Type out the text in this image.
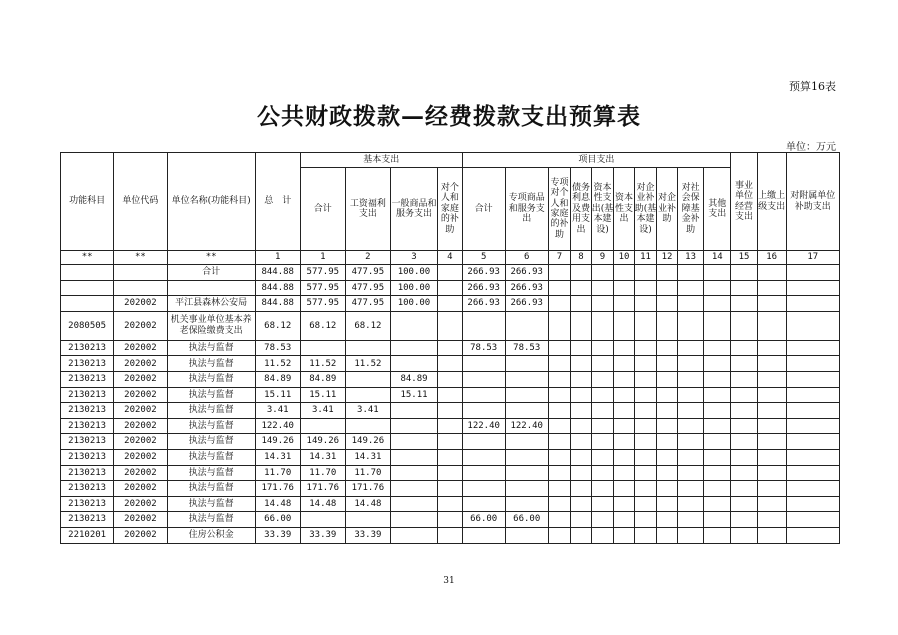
预算16表
公共财政拨款—经费拨款支出预算表
单位：万元
功能科目	单位代码	单位名称(功能科目)	总　计	基本支出				项目支出										事业单位经营支出	上缴上级支出	对附属单位补助支出
				合计	工资福利支出	一般商品和服务支出	对个人和家庭的补助	合计	专项商品和服务支出	专项对个人和家庭的补助	债务利息及费用支出	资本性支出(基本建设)	资本性支出	对企业补助(基本建设)	对企业补助	对社会保障基金补助	其他支出			
**	**	**	1	1	2	3	4	5	6	7	8	9	10	11	12	13	14	15	16	17
		合计	844.88	577.95	477.95	100.00		266.93	266.93											
			844.88	577.95	477.95	100.00		266.93	266.93											
	202002	平江县森林公安局	844.88	577.95	477.95	100.00		266.93	266.93											
2080505	202002	机关事业单位基本养老保险缴费支出	68.12	68.12	68.12															
2130213	202002	执法与监督	78.53					78.53	78.53											
2130213	202002	执法与监督	11.52	11.52	11.52															
2130213	202002	执法与监督	84.89	84.89		84.89														
2130213	202002	执法与监督	15.11	15.11		15.11														
2130213	202002	执法与监督	3.41	3.41	3.41															
2130213	202002	执法与监督	122.40					122.40	122.40											
2130213	202002	执法与监督	149.26	149.26	149.26															
2130213	202002	执法与监督	14.31	14.31	14.31															
2130213	202002	执法与监督	11.70	11.70	11.70															
2130213	202002	执法与监督	171.76	171.76	171.76															
2130213	202002	执法与监督	14.48	14.48	14.48															
2130213	202002	执法与监督	66.00					66.00	66.00											
2210201	202002	住房公积金	33.39	33.39	33.39															
31
